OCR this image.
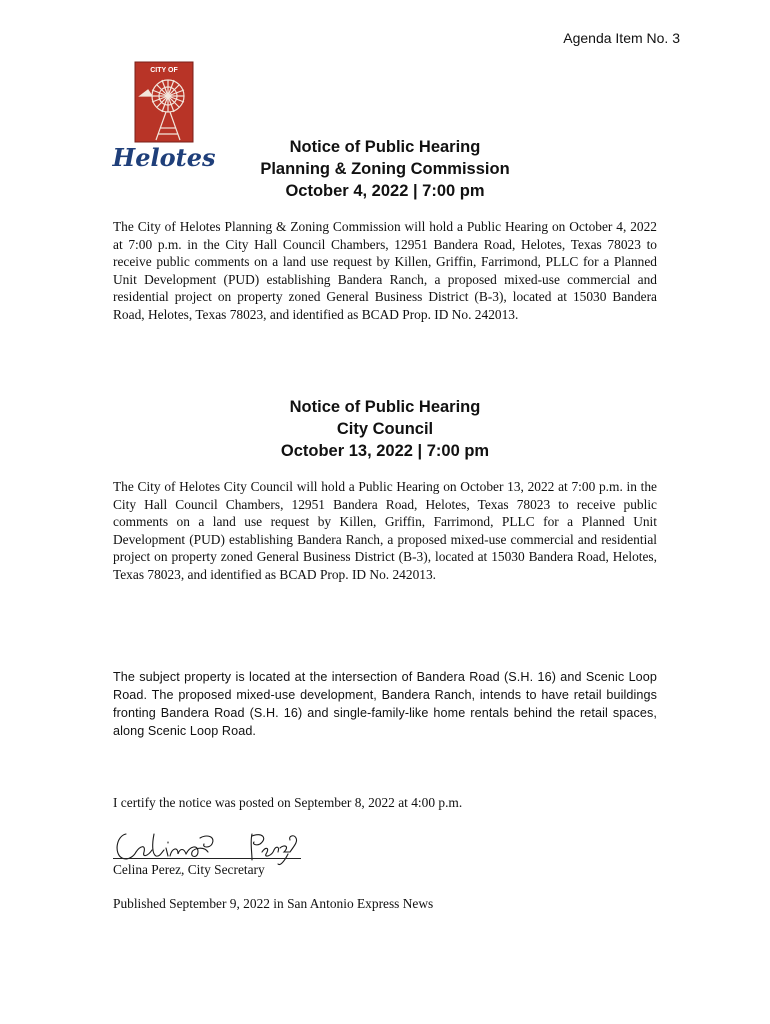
Agenda Item No. 3
CITY OF
Helotes	Notice of Public Hearing
Planning & Zoning Commission
October 4, 2022 | 7:00 pm

The City of Helotes Planning & Zoning Commission will hold a Public Hearing on October 4, 2022 at 7:00 p.m. in the City Hall Council Chambers, 12951 Bandera Road, Helotes, Texas 78023 to receive public comments on a land use request by Killen, Griffin, Farrimond, PLLC for a Planned Unit Development (PUD) establishing Bandera Ranch, a proposed mixed-use commercial and residential project on property zoned General Business District (B-3), located at 15030 Bandera Road, Helotes, Texas 78023, and identified as BCAD Prop. ID No. 242013.

Notice of Public Hearing
City Council
October 13, 2022 | 7:00 pm

The City of Helotes City Council will hold a Public Hearing on October 13, 2022 at 7:00 p.m. in the City Hall Council Chambers, 12951 Bandera Road, Helotes, Texas 78023 to receive public comments on a land use request by Killen, Griffin, Farrimond, PLLC for a Planned Unit Development (PUD) establishing Bandera Ranch, a proposed mixed-use commercial and residential project on property zoned General Business District (B-3), located at 15030 Bandera Road, Helotes, Texas 78023, and identified as BCAD Prop. ID No. 242013.

The subject property is located at the intersection of Bandera Road (S.H. 16) and Scenic Loop Road. The proposed mixed-use development, Bandera Ranch, intends to have retail buildings fronting Bandera Road (S.H. 16) and single-family-like home rentals behind the retail spaces, along Scenic Loop Road.

I certify the notice was posted on September 8, 2022 at 4:00 p.m.
Celina Perez, City Secretary
Published September 9, 2022 in San Antonio Express News
